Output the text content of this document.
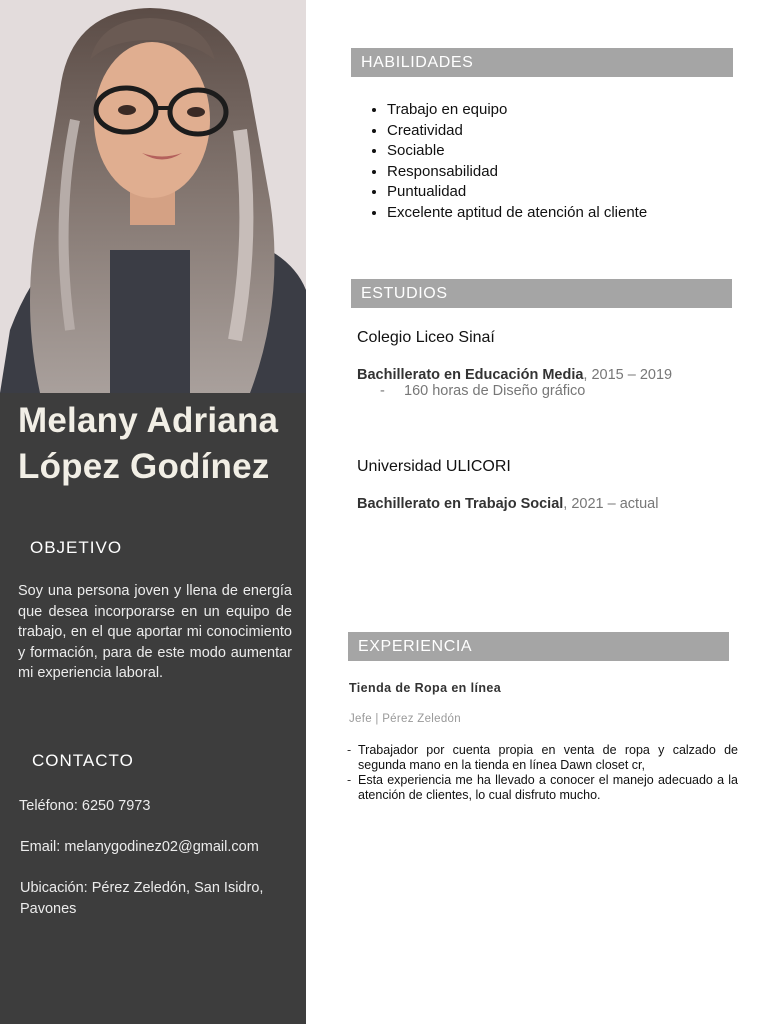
Melany Adriana
López Godínez
OBJETIVO
Soy una persona joven y llena de energía que desea incorporarse en un equipo de trabajo, en el que aportar mi conocimiento y formación, para de este modo aumentar mi experiencia laboral.
CONTACTO
Teléfono: 6250 7973
Email: melanygodinez02@gmail.com
Ubicación: Pérez Zeledón, San Isidro, Pavones
HABILIDADES
• Trabajo en equipo
• Creatividad
• Sociable
• Responsabilidad
• Puntualidad
• Excelente aptitud de atención al cliente
ESTUDIOS
Colegio Liceo Sinaí
Bachillerato en Educación Media, 2015 – 2019
- 160 horas de Diseño gráfico
Universidad ULICORI
Bachillerato en Trabajo Social, 2021 – actual
EXPERIENCIA
Tienda de Ropa en línea
Jefe | Pérez Zeledón
- Trabajador por cuenta propia en venta de ropa y calzado de segunda mano en la tienda en línea Dawn closet cr,
- Esta experiencia me ha llevado a conocer el manejo adecuado a la atención de clientes, lo cual disfruto mucho.
